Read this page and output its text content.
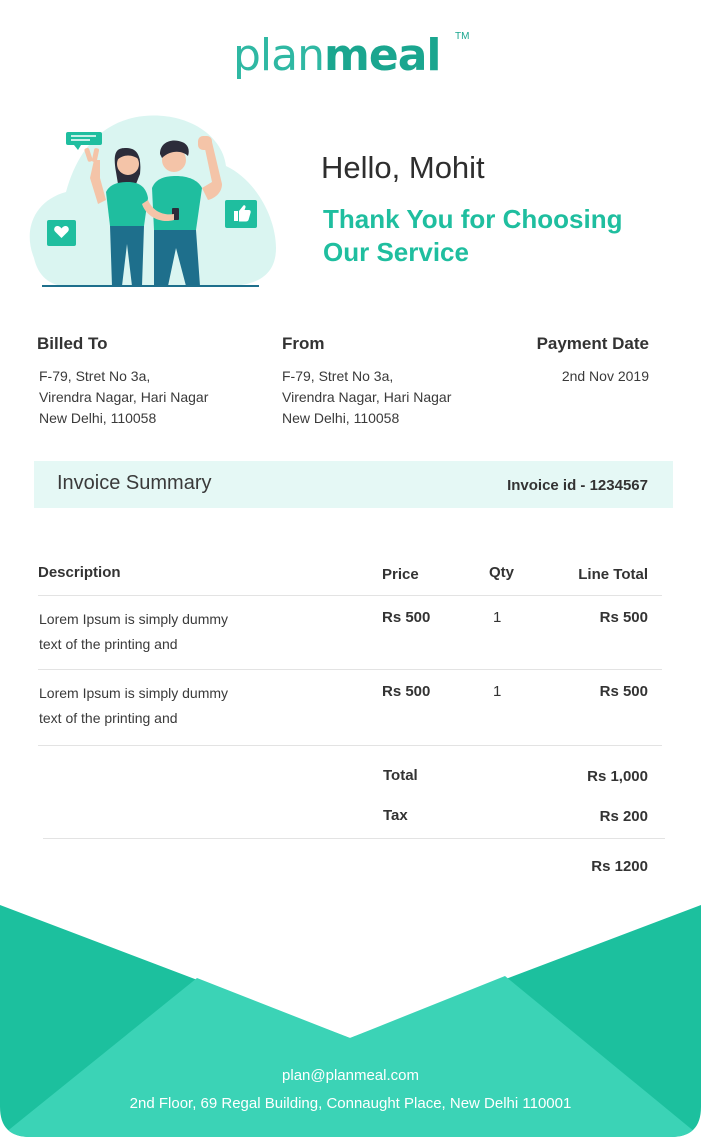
planmeal TM
Hello, Mohit
Thank You for Choosing Our Service
Billed To
F-79, Stret No 3a,
Virendra Nagar, Hari Nagar
New Delhi, 110058
From
F-79, Stret No 3a,
Virendra Nagar, Hari Nagar
New Delhi, 110058
Payment Date
2nd Nov 2019
Invoice Summary	Invoice id - 1234567
Description	Price	Qty	Line Total
Lorem Ipsum is simply dummy
text of the printing and
Rs 500	1	Rs 500
Lorem Ipsum is simply dummy
text of the printing and
Rs 500	1	Rs 500
Total	Rs 1,000
Tax	Rs 200
Rs 1200
plan@planmeal.com
2nd Floor, 69 Regal Building, Connaught Place, New Delhi 110001
